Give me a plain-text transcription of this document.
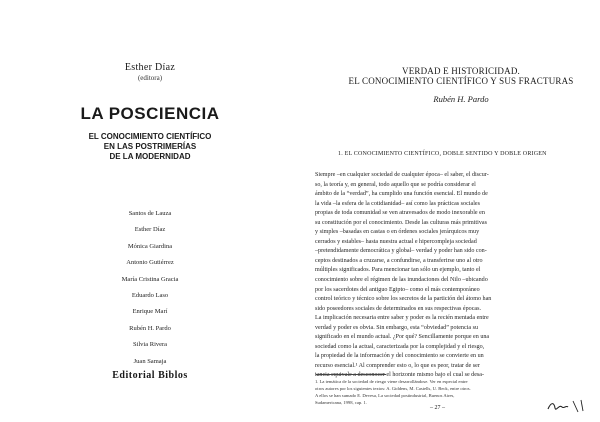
Esther Díaz
(editora)
LA POSCIENCIA
EL CONOCIMIENTO CIENTÍFICO
EN LAS POSTRIMERÍAS
DE LA MODERNIDAD
Santos de Lauza
Esther Díaz
Mónica Giardina
Antonio Gutiérrez
María Cristina Gracia
Eduardo Laso
Enrique Marí
Rubén H. Pardo
Silvia Rivera
Juan Samaja
Editorial Biblos
VERDAD E HISTORICIDAD.
EL CONOCIMIENTO CIENTÍFICO Y SUS FRACTURAS
Rubén H. Pardo
1. EL CONOCIMIENTO CIENTÍFICO, DOBLE SENTIDO Y DOBLE ORIGEN
Siempre –en cualquier sociedad de cualquier época– el saber, el discur-
so, la teoría y, en general, todo aquello que se podría considerar el
ámbito de la “verdad”, ha cumplido una función esencial. El mundo de
la vida –la esfera de la cotidianidad– así como las prácticas sociales
propias de toda comunidad se ven atravesados de modo inexorable en
su constitución por el conocimiento. Desde las culturas más primitivas
y simples –basadas en castas o en órdenes sociales jerárquicos muy
cerrados y estables– hasta nuestra actual e hipercompleja sociedad
–pretendidamente democrática y global– verdad y poder han sido con-
ceptos destinados a cruzarse, a confundirse, a transferirse uno al otro
múltiples significados. Para mencionar tan sólo un ejemplo, tanto el
conocimiento sobre el régimen de las inundaciones del Nilo –ubicando
por los sacerdotes del antiguo Egipto– como el más contemporáneo
control teórico y técnico sobre los secretos de la partición del átomo han
sido poseedores sociales de determinados en sus respectivas épocas.
La implicación necesaria entre saber y poder es la recién mentada entre
verdad y poder es obvia. Sin embargo, esta “obviedad” potencia su
significado en el mundo actual. ¿Por qué? Sencillamente porque en una
sociedad como la actual, caracterizada por la complejidad y el riesgo,
la propiedad de la información y del conocimiento se convierte en un
recurso esencial.¹ Al comprender esto o, lo que es peor, tratar de ser
tancia equivale a desconocer el horizonte mismo bajo el cual se desa-
1. La temática de la sociedad de riesgo viene desarrollándose. Ver en especial entre
otros autores por los siguientes textos: A. Giddens, M. Castells, U. Beck, entre otros.
A ellos se han sumado E. Devesa, La sociedad postindustrial, Buenos Aires,
Sudamericana, 1998, cap. 1.
– 27 –
